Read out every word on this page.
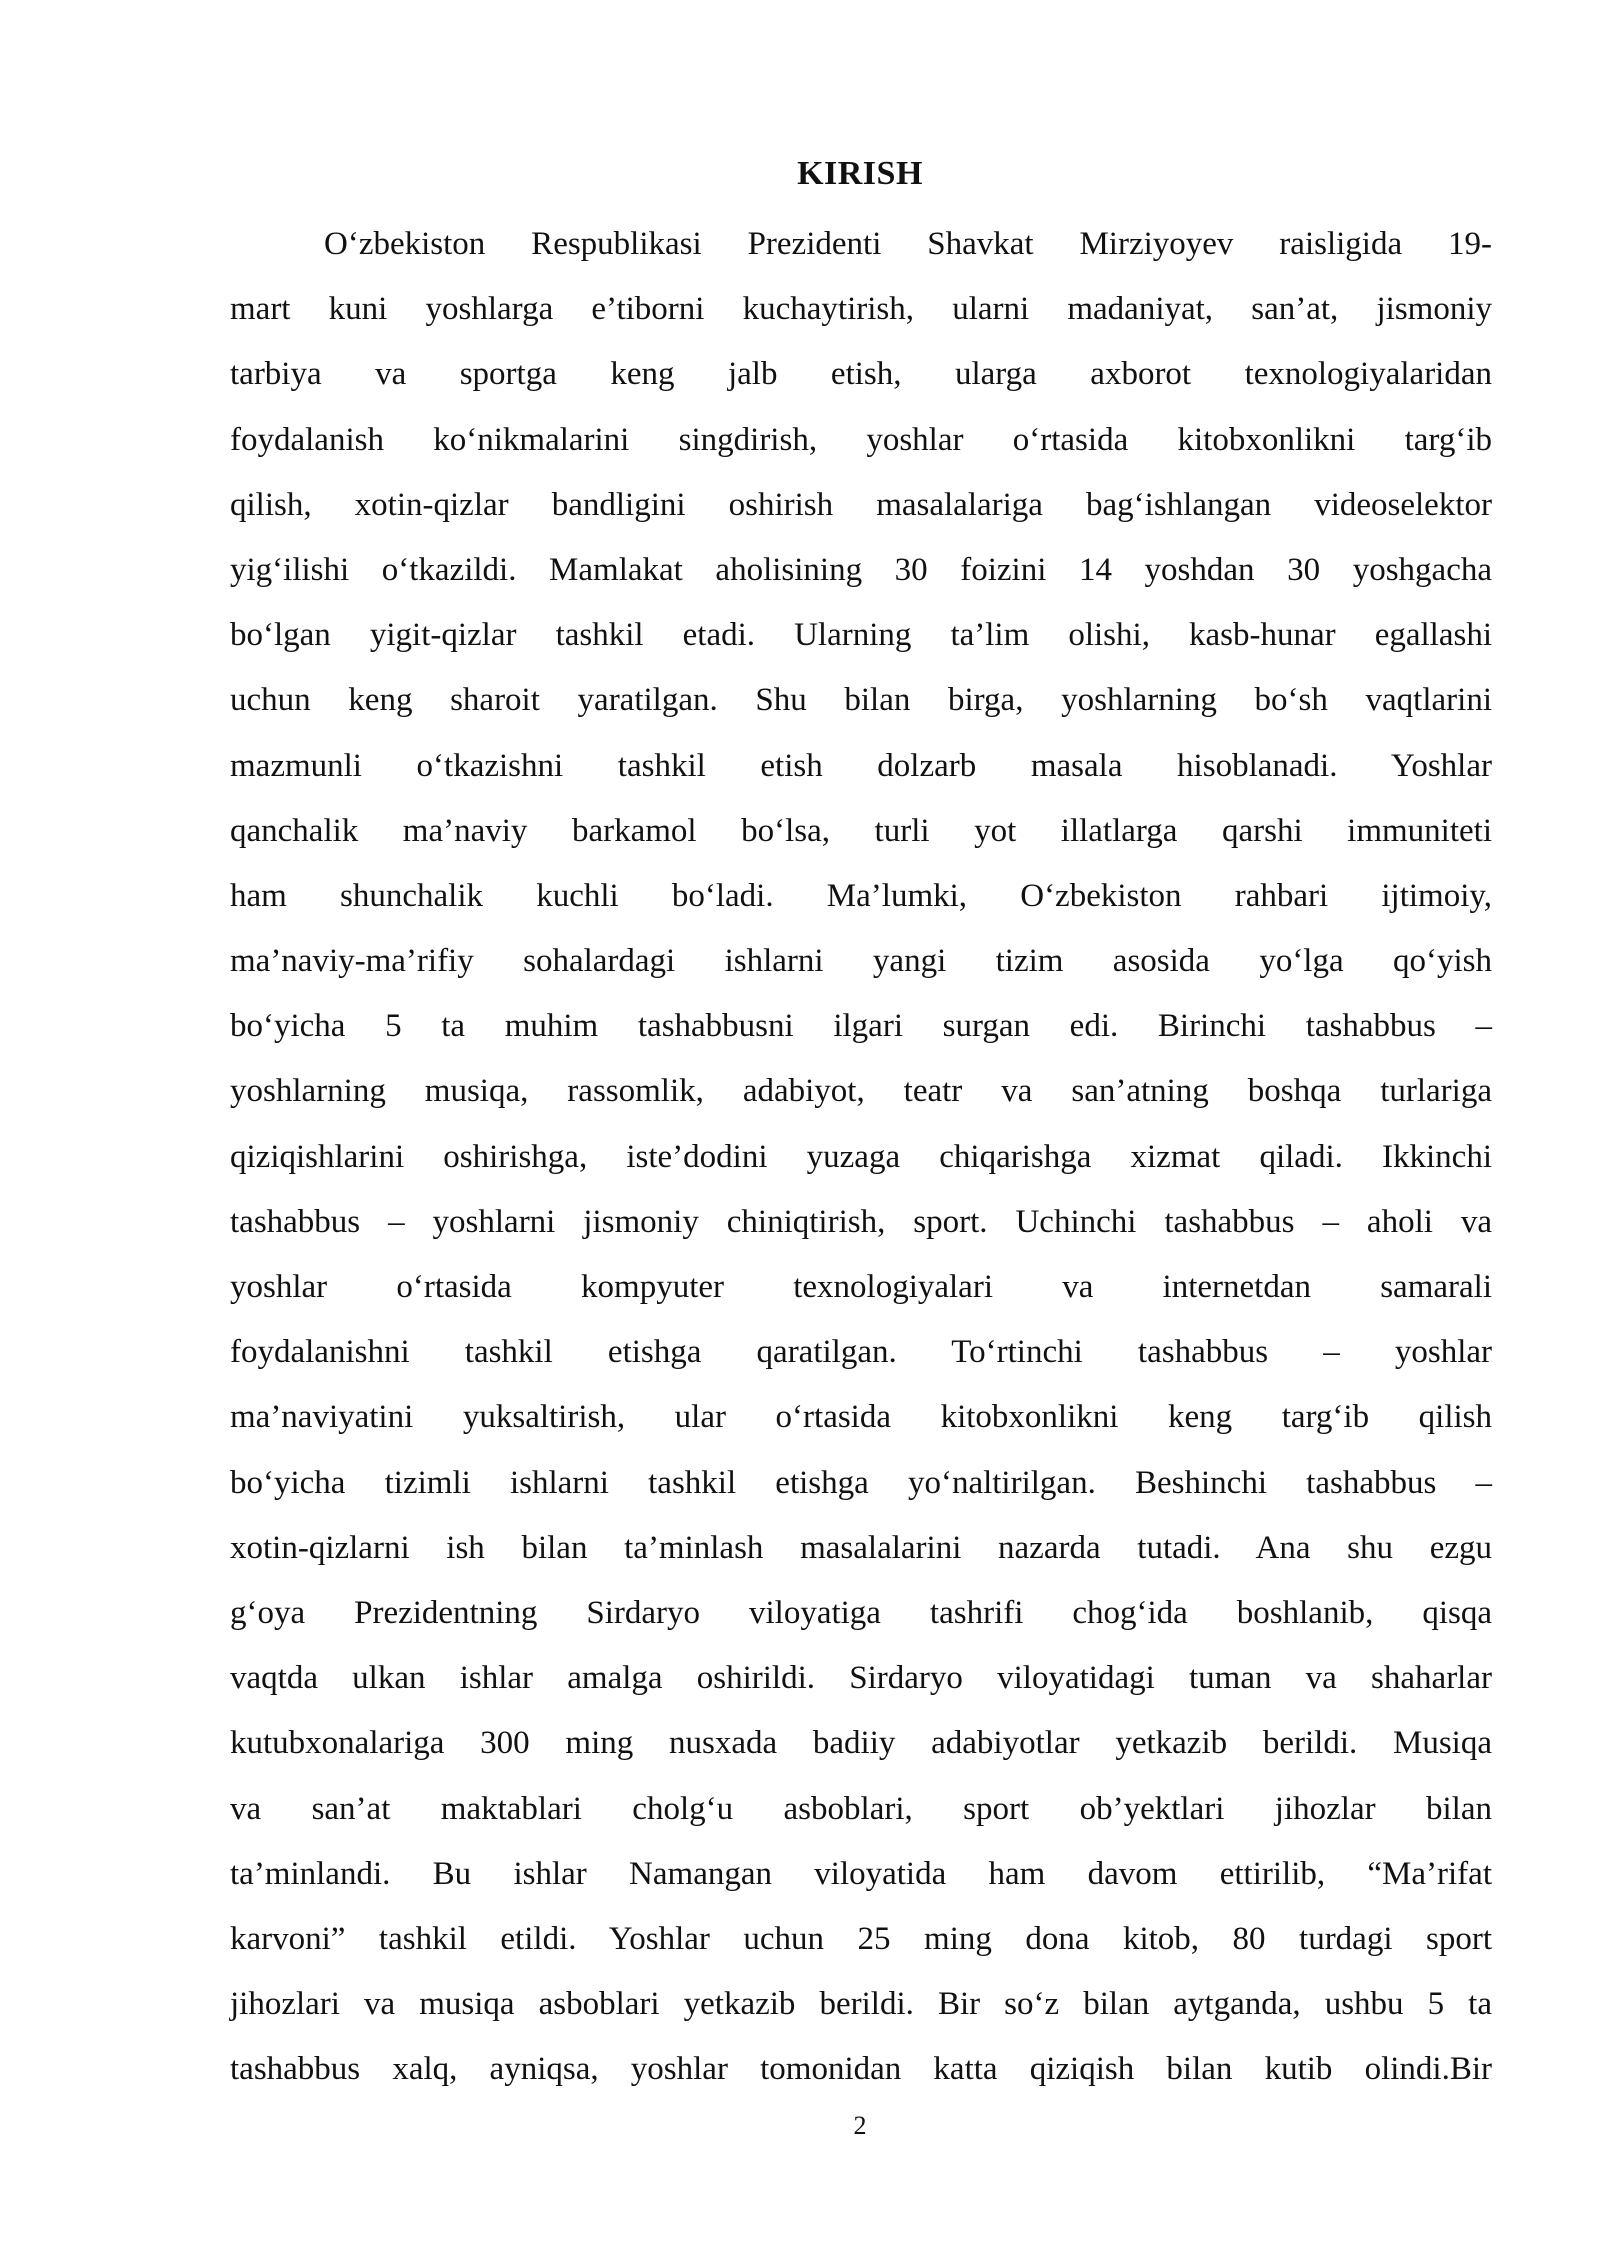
KIRISH
O‘zbekiston Respublikasi Prezidenti Shavkat Mirziyoyev raisligida 19-
mart kuni yoshlarga e’tiborni kuchaytirish, ularni madaniyat, san’at, jismoniy
tarbiya va sportga keng jalb etish, ularga axborot texnologiyalaridan
foydalanish ko‘nikmalarini singdirish, yoshlar o‘rtasida kitobxonlikni targ‘ib
qilish, xotin-qizlar bandligini oshirish masalalariga bag‘ishlangan videoselektor
yig‘ilishi o‘tkazildi. Mamlakat aholisining 30 foizini 14 yoshdan 30 yoshgacha
bo‘lgan yigit-qizlar tashkil etadi. Ularning ta’lim olishi, kasb-hunar egallashi
uchun keng sharoit yaratilgan. Shu bilan birga, yoshlarning bo‘sh vaqtlarini
mazmunli o‘tkazishni tashkil etish dolzarb masala hisoblanadi. Yoshlar
qanchalik ma’naviy barkamol bo‘lsa, turli yot illatlarga qarshi immuniteti
ham shunchalik kuchli bo‘ladi. Ma’lumki, O‘zbekiston rahbari ijtimoiy,
ma’naviy-ma’rifiy sohalardagi ishlarni yangi tizim asosida yo‘lga qo‘yish
bo‘yicha 5 ta muhim tashabbusni ilgari surgan edi. Birinchi tashabbus –
yoshlarning musiqa, rassomlik, adabiyot, teatr va san’atning boshqa turlariga
qiziqishlarini oshirishga, iste’dodini yuzaga chiqarishga xizmat qiladi. Ikkinchi
tashabbus – yoshlarni jismoniy chiniqtirish, sport. Uchinchi tashabbus – aholi va
yoshlar o‘rtasida kompyuter texnologiyalari va internetdan samarali
foydalanishni tashkil etishga qaratilgan. To‘rtinchi tashabbus – yoshlar
ma’naviyatini yuksaltirish, ular o‘rtasida kitobxonlikni keng targ‘ib qilish
bo‘yicha tizimli ishlarni tashkil etishga yo‘naltirilgan. Beshinchi tashabbus –
xotin-qizlarni ish bilan ta’minlash masalalarini nazarda tutadi. Ana shu ezgu
g‘oya Prezidentning Sirdaryo viloyatiga tashrifi chog‘ida boshlanib, qisqa
vaqtda ulkan ishlar amalga oshirildi. Sirdaryo viloyatidagi tuman va shaharlar
kutubxonalariga 300 ming nusxada badiiy adabiyotlar yetkazib berildi. Musiqa
va san’at maktablari cholg‘u asboblari, sport ob’yektlari jihozlar bilan
ta’minlandi. Bu ishlar Namangan viloyatida ham davom ettirilib, “Ma’rifat
karvoni” tashkil etildi. Yoshlar uchun 25 ming dona kitob, 80 turdagi sport
jihozlari va musiqa asboblari yetkazib berildi. Bir so‘z bilan aytganda, ushbu 5 ta
tashabbus xalq, ayniqsa, yoshlar tomonidan katta qiziqish bilan kutib olindi.Bir
2
